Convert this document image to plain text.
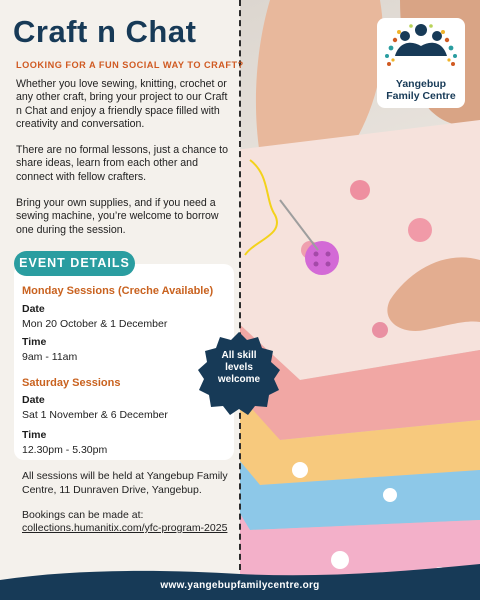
Craft n Chat
LOOKING FOR A FUN SOCIAL WAY TO CRAFT?
Whether you love sewing, knitting, crochet or any other craft, bring your project to our Craft n Chat and enjoy a friendly space filled with creativity and conversation.
There are no formal lessons, just a chance to share ideas, learn from each other and connect with fellow crafters.
Bring your own supplies, and if you need a sewing machine, you’re welcome to borrow one during the session.
EVENT DETAILS
Monday Sessions (Creche Available)
Date
Mon 20 October & 1 December
Time
9am - 11am
Saturday Sessions
Date
Sat 1 November & 6 December
Time
12.30pm - 5.30pm
All sessions will be held at Yangebup Family Centre, 11 Dunraven Drive, Yangebup.
Bookings can be made at:
collections.humanitix.com/yfc-program-2025
Yangebup
Family Centre
All skill
levels
welcome
www.yangebupfamilycentre.org
